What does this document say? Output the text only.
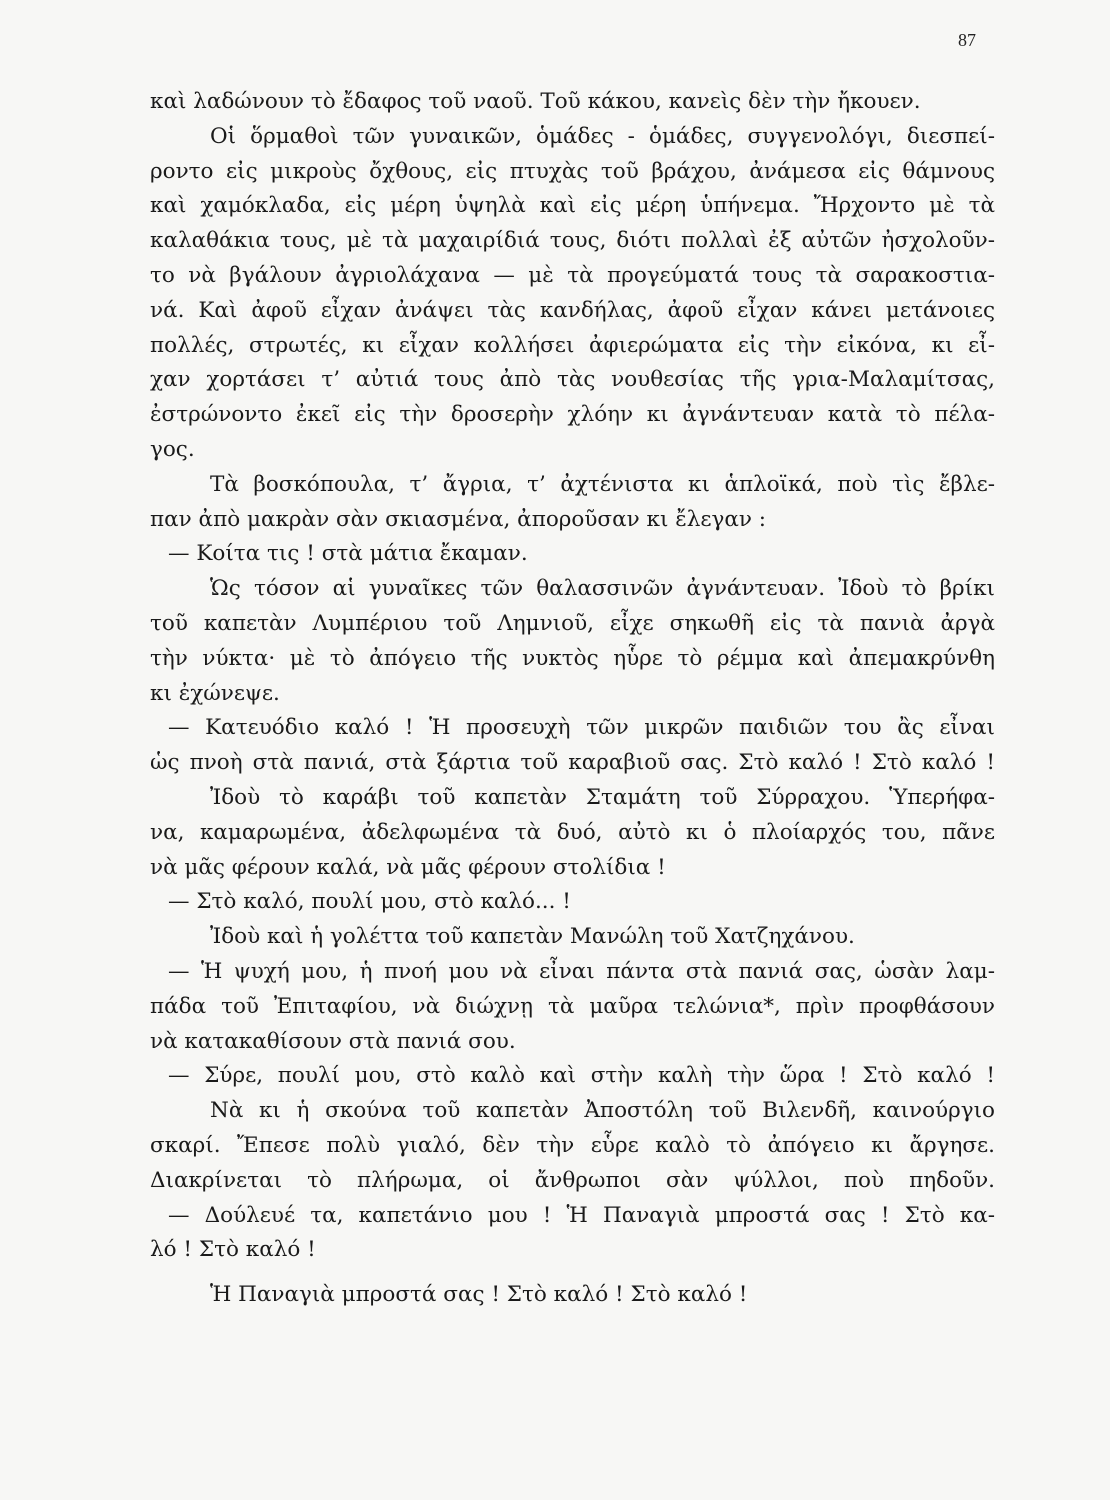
87
καὶ λαδώνουν τὸ ἔδαφος τοῦ ναοῦ. Τοῦ κάκου, κανεὶς δὲν τὴν ἤκουεν.
Οἱ ὅρμαθοὶ τῶν γυναικῶν, ὁμάδες - ὁμάδες, συγγενολόγι, διεσπεί-
ροντο εἰς μικροὺς ὄχθους, εἰς πτυχὰς τοῦ βράχου, ἀνάμεσα εἰς θάμνους
καὶ χαμόκλαδα, εἰς μέρη ὑψηλὰ καὶ εἰς μέρη ὑπήνεμα. Ἤρχοντο μὲ τὰ
καλαθάκια τους, μὲ τὰ μαχαιρίδιά τους, διότι πολλαὶ ἐξ αὐτῶν ἠσχολοῦν-
το νὰ βγάλουν ἀγριολάχανα — μὲ τὰ προγεύματά τους τὰ σαρακοστια-
νά. Καὶ ἀφοῦ εἶχαν ἀνάψει τὰς κανδήλας, ἀφοῦ εἶχαν κάνει μετάνοιες
πολλές, στρωτές, κι εἶχαν κολλήσει ἀφιερώματα εἰς τὴν εἰκόνα, κι εἶ-
χαν χορτάσει τ’ αὐτιά τους ἀπὸ τὰς νουθεσίας τῆς γρια-Μαλαμίτσας,
ἐστρώνοντο ἐκεῖ εἰς τὴν δροσερὴν χλόην κι ἀγνάντευαν κατὰ τὸ πέλα-
γος.
Τὰ βοσκόπουλα, τ’ ἄγρια, τ’ ἀχτένιστα κι ἁπλοϊκά, ποὺ τὶς ἔβλε-
παν ἀπὸ μακρὰν σὰν σκιασμένα, ἀποροῦσαν κι ἔλεγαν :
— Κοίτα τις ! στὰ μάτια ἔκαμαν.
Ὡς τόσον αἱ γυναῖκες τῶν θαλασσινῶν ἀγνάντευαν. Ἰδοὺ τὸ βρίκι
τοῦ καπετὰν Λυμπέριου τοῦ Λημνιοῦ, εἶχε σηκωθῆ εἰς τὰ πανιὰ ἀργὰ
τὴν νύκτα· μὲ τὸ ἀπόγειο τῆς νυκτὸς ηὗρε τὸ ρέμμα καὶ ἀπεμακρύνθη
κι ἐχώνεψε.
— Κατευόδιο καλό ! Ἡ προσευχὴ τῶν μικρῶν παιδιῶν του ἂς εἶναι
ὡς πνοὴ στὰ πανιά, στὰ ξάρτια τοῦ καραβιοῦ σας. Στὸ καλό ! Στὸ καλό !
Ἰδοὺ τὸ καράβι τοῦ καπετὰν Σταμάτη τοῦ Σύρραχου. Ὑπερήφα-
να, καμαρωμένα, ἀδελφωμένα τὰ δυό, αὐτὸ κι ὁ πλοίαρχός του, πᾶνε
νὰ μᾶς φέρουν καλά, νὰ μᾶς φέρουν στολίδια !
— Στὸ καλό, πουλί μου, στὸ καλό... !
Ἰδοὺ καὶ ἡ γολέττα τοῦ καπετὰν Μανώλη τοῦ Χατζηχάνου.
— Ἡ ψυχή μου, ἡ πνοή μου νὰ εἶναι πάντα στὰ πανιά σας, ὡσὰν λαμ-
πάδα τοῦ Ἐπιταφίου, νὰ διώχνῃ τὰ μαῦρα τελώνια*, πρὶν προφθάσουν
νὰ κατακαθίσουν στὰ πανιά σου.
— Σύρε, πουλί μου, στὸ καλὸ καὶ στὴν καλὴ τὴν ὥρα ! Στὸ καλό !
Νὰ κι ἡ σκούνα τοῦ καπετὰν Ἀποστόλη τοῦ Βιλενδῆ, καινούργιο
σκαρί. Ἔπεσε πολὺ γιαλό, δὲν τὴν εὗρε καλὸ τὸ ἀπόγειο κι ἄργησε.
Διακρίνεται τὸ πλήρωμα, οἱ ἄνθρωποι σὰν ψύλλοι, ποὺ πηδοῦν.
— Δούλευέ τα, καπετάνιο μου ! Ἡ Παναγιὰ μπροστά σας ! Στὸ κα-
λό ! Στὸ καλό !
Ἡ Παναγιὰ μπροστά σας ! Στὸ καλό ! Στὸ καλό !
